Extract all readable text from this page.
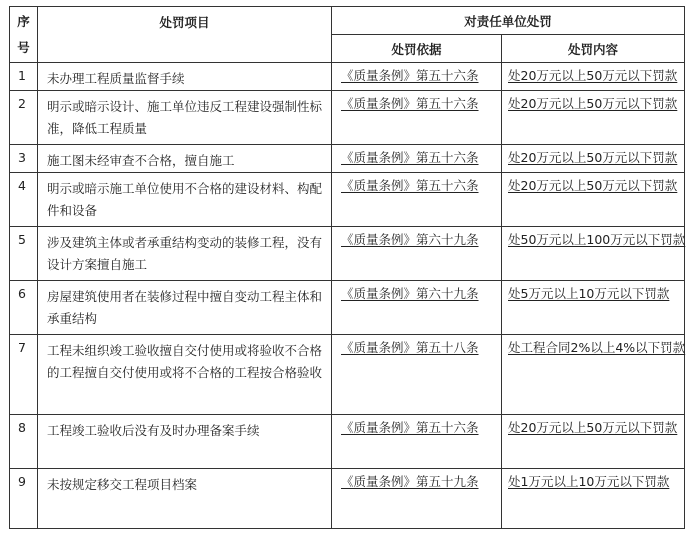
序
号	处罚项目	对责任单位处罚	
		处罚依据	处罚内容
1	未办理工程质量监督手续	《质量条例》第五十六条	处20万元以上50万元以下罚款
2	明示或暗示设计、施工单位违反工程建设强制性标准，降低工程质量	《质量条例》第五十六条	处20万元以上50万元以下罚款
3	施工图未经审查不合格，擅自施工	《质量条例》第五十六条	处20万元以上50万元以下罚款
4	明示或暗示施工单位使用不合格的建设材料、构配件和设备	《质量条例》第五十六条	处20万元以上50万元以下罚款
5	涉及建筑主体或者承重结构变动的装修工程，没有设计方案擅自施工	《质量条例》第六十九条	处50万元以上100万元以下罚款
6	房屋建筑使用者在装修过程中擅自变动工程主体和承重结构	《质量条例》第六十九条	处5万元以上10万元以下罚款
7	工程未组织竣工验收擅自交付使用或将验收不合格的工程擅自交付使用或将不合格的工程按合格验收	《质量条例》第五十八条	处工程合同2%以上4%以下罚款
8	工程竣工验收后没有及时办理备案手续	《质量条例》第五十六条	处20万元以上50万元以下罚款
9	未按规定移交工程项目档案	《质量条例》第五十九条	处1万元以上10万元以下罚款
